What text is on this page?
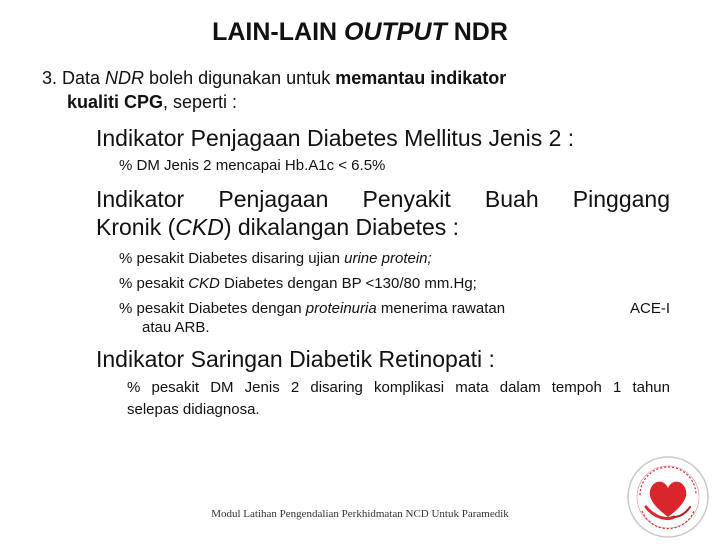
LAIN-LAIN OUTPUT NDR
3. Data NDR boleh digunakan untuk memantau indikator
kualiti CPG, seperti :
Indikator Penjagaan Diabetes Mellitus Jenis 2 :
% DM Jenis 2 mencapai Hb.A1c < 6.5%
Indikator Penjagaan Penyakit Buah Pinggang
Kronik (CKD) dikalangan Diabetes :
% pesakit Diabetes disaring ujian urine protein;
% pesakit CKD Diabetes dengan BP <130/80 mm.Hg;
% pesakit Diabetes dengan proteinuria menerima rawatan	ACE-I
atau ARB.
Indikator Saringan Diabetik Retinopati :
% pesakit DM Jenis 2 disaring komplikasi mata dalam tempoh 1 tahun
selepas didiagnosa.
Modul Latihan Pengendalian Perkhidmatan NCD Untuk Paramedik
